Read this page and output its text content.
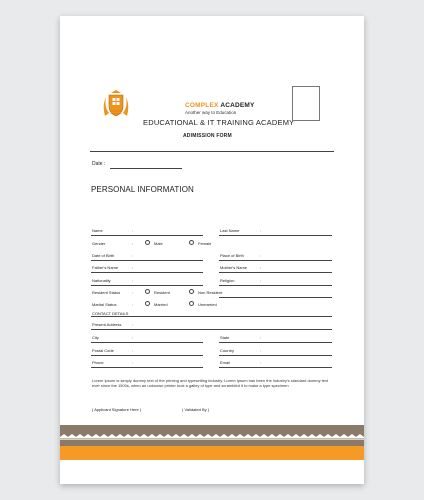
COMPLEX ACADEMY
Another way to Education
EDUCATIONAL & IT TRAINING ACADEMY
ADIMISSION FORM
Date :
PERSONAL INFORMATION
Name	:	Last Name	:
Gender	:	Male	Female
Date of Birth	:	Place of Birth	:
Father's Name	:	Mother's Name	:
Nationality	:	Religion	:
Resident Status	:	Resident	Non Resident
Marital Status	:	Married	Unmarried
CONTACT DETAILS
Present Address	:
City	:	State	:
Postal Code	:	Country	:
Phone	:	Email	:
Lorem Ipsum is simply dummy text of the printing and typesetting industry. Lorem Ipsum has been the industry's standard dummy text ever since the 1500s, when an unknown printer took a galley of type and scrambled it to make a type specimen
( Applicant Signature Here )	( Validated By )
